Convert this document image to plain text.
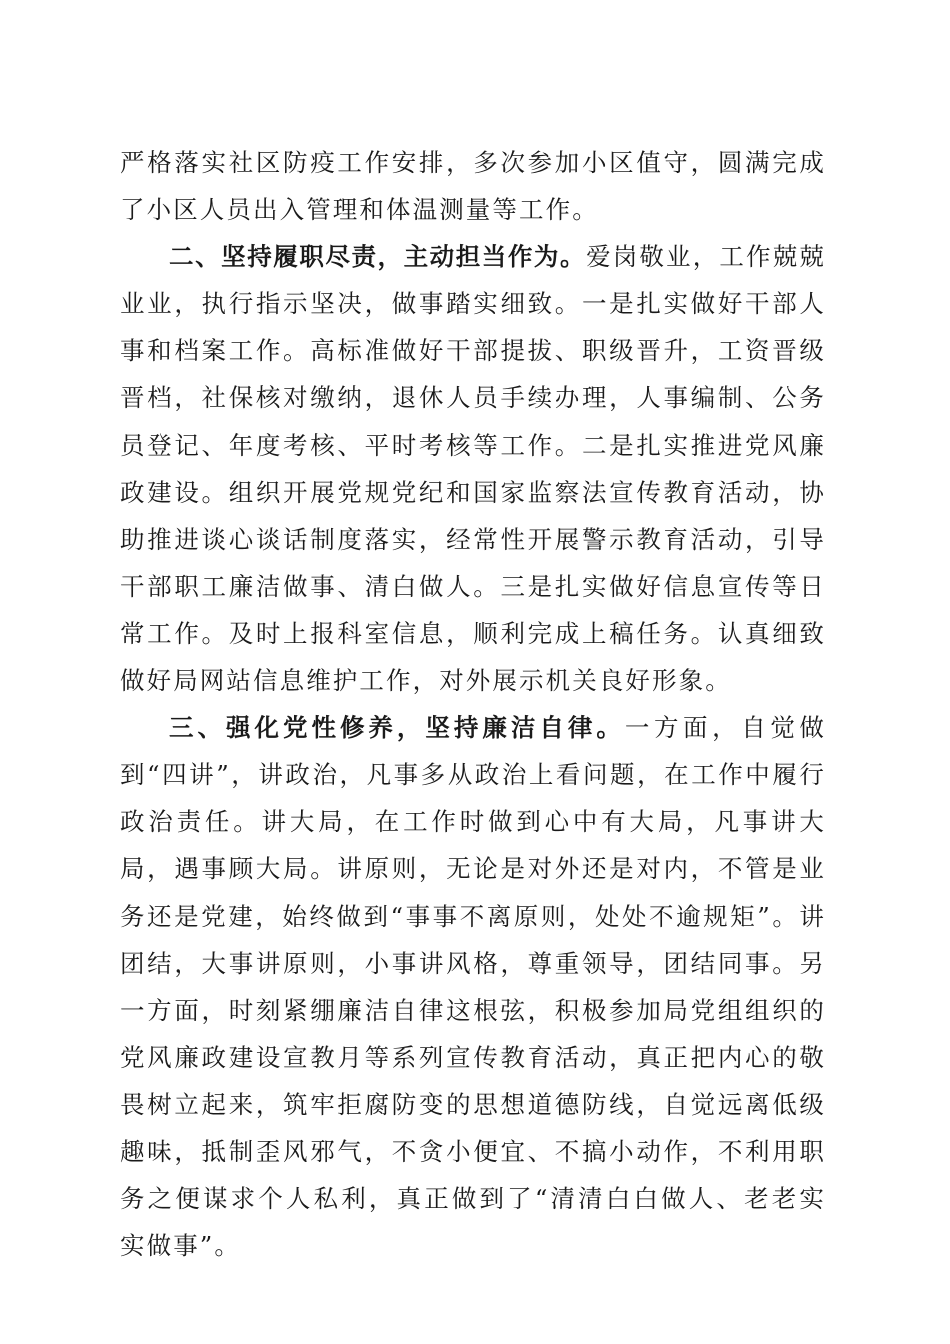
严格落实社区防疫工作安排，多次参加小区值守，圆满完成了小区人员出入管理和体温测量等工作。

二、坚持履职尽责，主动担当作为。爱岗敬业，工作兢兢业业，执行指示坚决，做事踏实细致。一是扎实做好干部人事和档案工作。高标准做好干部提拔、职级晋升，工资晋级晋档，社保核对缴纳，退休人员手续办理，人事编制、公务员登记、年度考核、平时考核等工作。二是扎实推进党风廉政建设。组织开展党规党纪和国家监察法宣传教育活动，协助推进谈心谈话制度落实，经常性开展警示教育活动，引导干部职工廉洁做事、清白做人。三是扎实做好信息宣传等日常工作。及时上报科室信息，顺利完成上稿任务。认真细致做好局网站信息维护工作，对外展示机关良好形象。

三、强化党性修养，坚持廉洁自律。一方面，自觉做到“四讲”，讲政治，凡事多从政治上看问题，在工作中履行政治责任。讲大局，在工作时做到心中有大局，凡事讲大局，遇事顾大局。讲原则，无论是对外还是对内，不管是业务还是党建，始终做到“事事不离原则，处处不逾规矩”。讲团结，大事讲原则，小事讲风格，尊重领导，团结同事。另一方面，时刻紧绷廉洁自律这根弦，积极参加局党组组织的党风廉政建设宣教月等系列宣传教育活动，真正把内心的敬畏树立起来，筑牢拒腐防变的思想道德防线，自觉远离低级趣味，抵制歪风邪气，不贪小便宜、不搞小动作，不利用职务之便谋求个人私利，真正做到了“清清白白做人、老老实实做事”。
